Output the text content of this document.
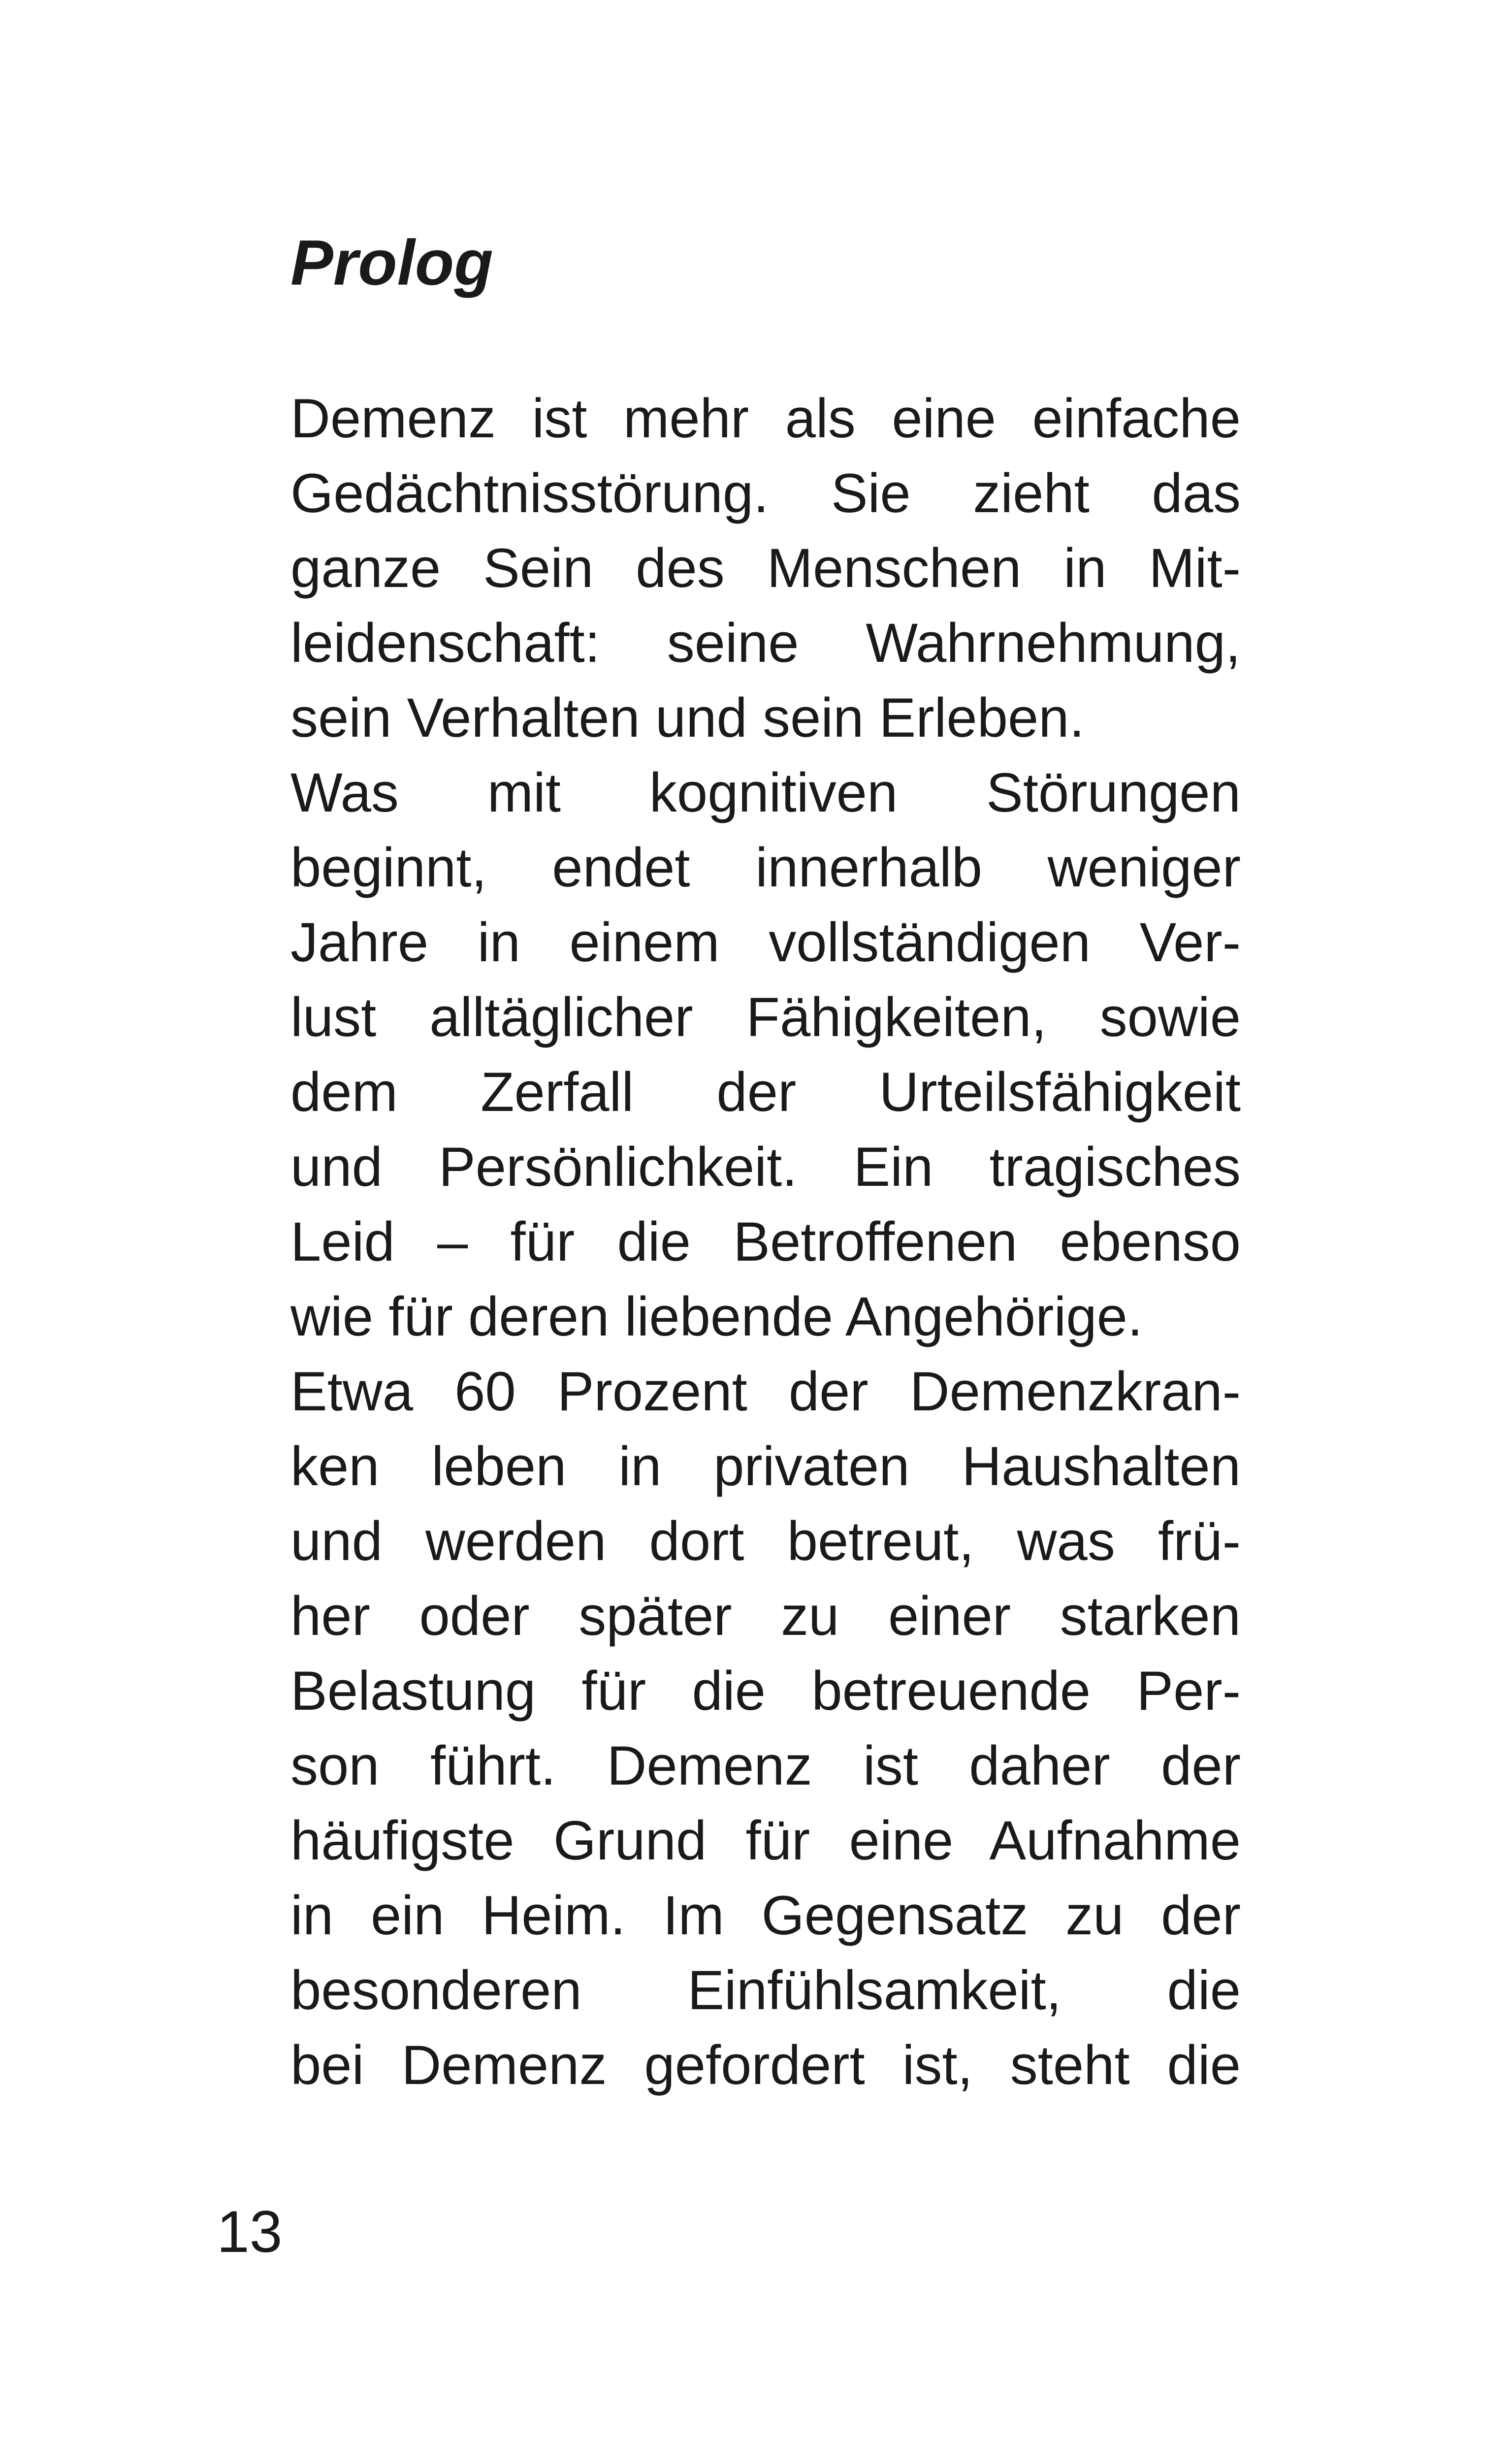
Prolog
Demenz ist mehr als eine einfache
Gedächtnisstörung. Sie zieht das
ganze Sein des Menschen in Mit-
leidenschaft: seine Wahrnehmung,
sein Verhalten und sein Erleben.
Was mit kognitiven Störungen
beginnt, endet innerhalb weniger
Jahre in einem vollständigen Ver-
lust alltäglicher Fähigkeiten, sowie
dem Zerfall der Urteilsfähigkeit
und Persönlichkeit. Ein tragisches
Leid – für die Betroffenen ebenso
wie für deren liebende Angehörige.
Etwa 60 Prozent der Demenzkran-
ken leben in privaten Haushalten
und werden dort betreut, was frü-
her oder später zu einer starken
Belastung für die betreuende Per-
son führt. Demenz ist daher der
häufigste Grund für eine Aufnahme
in ein Heim. Im Gegensatz zu der
besonderen Einfühlsamkeit, die
bei Demenz gefordert ist, steht die
13
